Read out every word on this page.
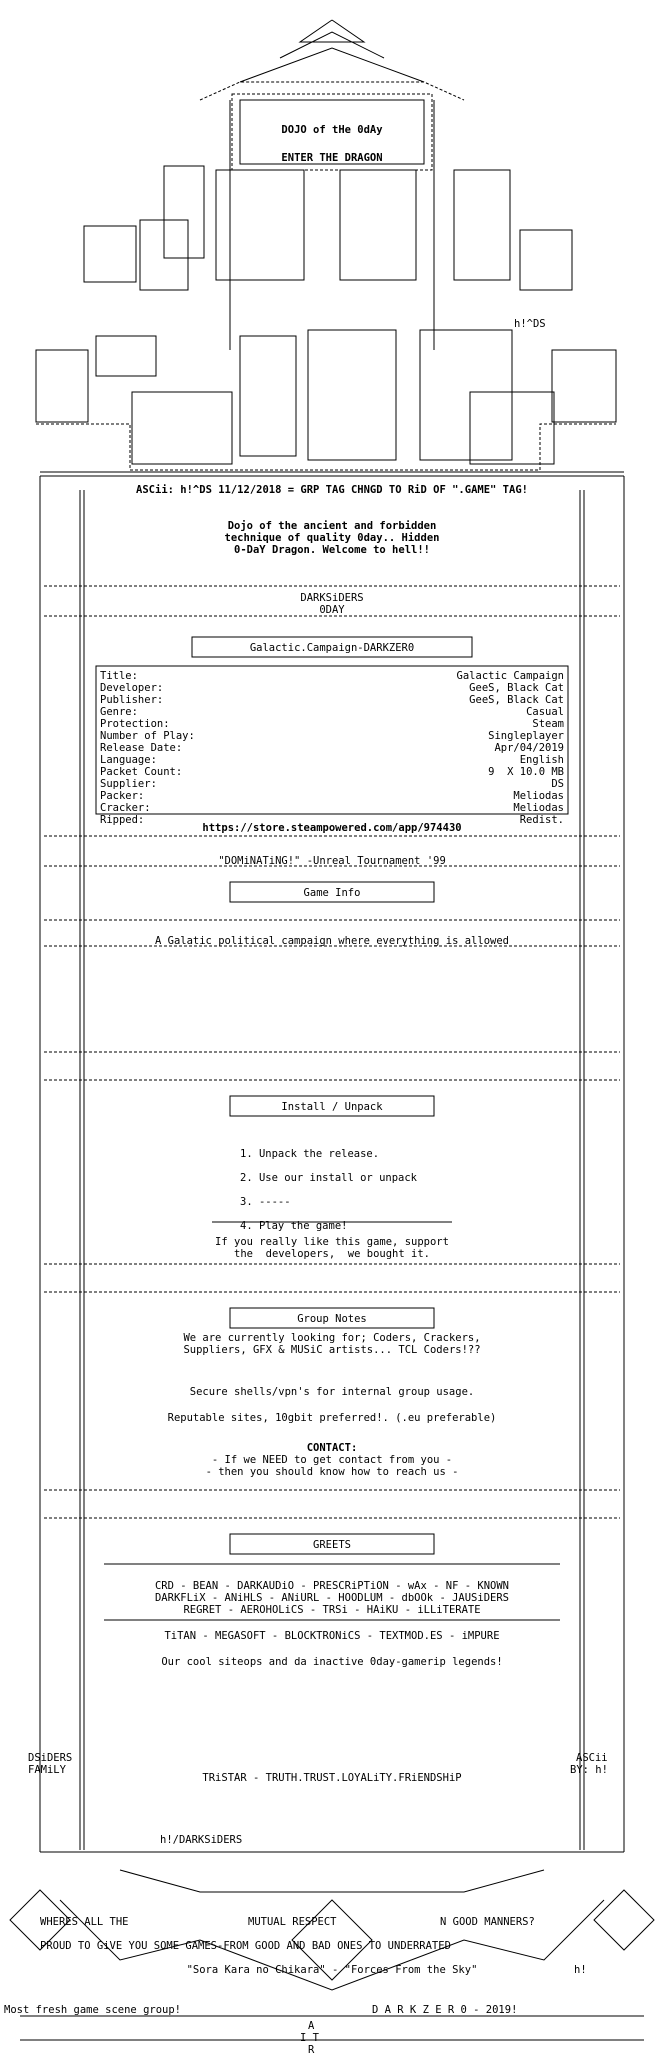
DOJO of tHe 0dAy
ENTER THE DRAGON
h!^DS
ASCii: h!^DS 11/12/2018 = GRP TAG CHNGD TO RiD OF ".GAME" TAG!
Dojo of the ancient and forbidden
technique of quality 0day.. Hidden
0-DaY Dragon. Welcome to hell!!
DARKSiDERS
0DAY
Galactic.Campaign-DARKZER0
Title:	Galactic Campaign
Developer:	GeeS, Black Cat
Publisher:	GeeS, Black Cat
Genre:	Casual
Protection:	Steam
Number of Play:	Singleplayer
Release Date:	Apr/04/2019
Language:	English
Packet Count:	9  X 10.0 MB
Supplier:	DS
Packer:	Meliodas
Cracker:	Meliodas
Ripped:	Redist.
https://store.steampowered.com/app/974430
"DOMiNATiNG!" -Unreal Tournament '99
Game Info
A Galatic political campaign where everything is allowed
Install / Unpack
1. Unpack the release.
2. Use our install or unpack
3. -----
4. Play the game!
If you really like this game, support
the  developers,  we bought it.
Group Notes
We are currently looking for; Coders, Crackers,
Suppliers, GFX & MUSiC artists... TCL Coders!??
Secure shells/vpn's for internal group usage.
Reputable sites, 10gbit preferred!. (.eu preferable)
CONTACT:
- If we NEED to get contact from you -
- then you should know how to reach us -
GREETS
CRD - BEAN - DARKAUDiO - PRESCRiPTiON - wAx - NF - KNOWN
DARKFLiX - ANiHLS - ANiURL - HOODLUM - dbOOk - JAUSiDERS
REGRET - AEROHOLiCS - TRSi - HAiKU - iLLiTERATE
TiTAN - MEGASOFT - BLOCKTRONiCS - TEXTMOD.ES - iMPURE
Our cool siteops and da inactive 0day-gamerip legends!
DSiDERS
FAMiLY
ASCii
BY: h!
TRiSTAR - TRUTH.TRUST.LOYALiTY.FRiENDSHiP
h!/DARKSiDERS
WHERES ALL THE	MUTUAL RESPECT	N GOOD MANNERS?
PROUD TO GiVE YOU SOME GAMES-FROM GOOD AND BAD ONES TO UNDERRATED
"Sora Kara no Chikara" - "Forces From the Sky"	h!
Most fresh game scene group!	D A R K Z E R 0 - 2019!
A
I T
R
